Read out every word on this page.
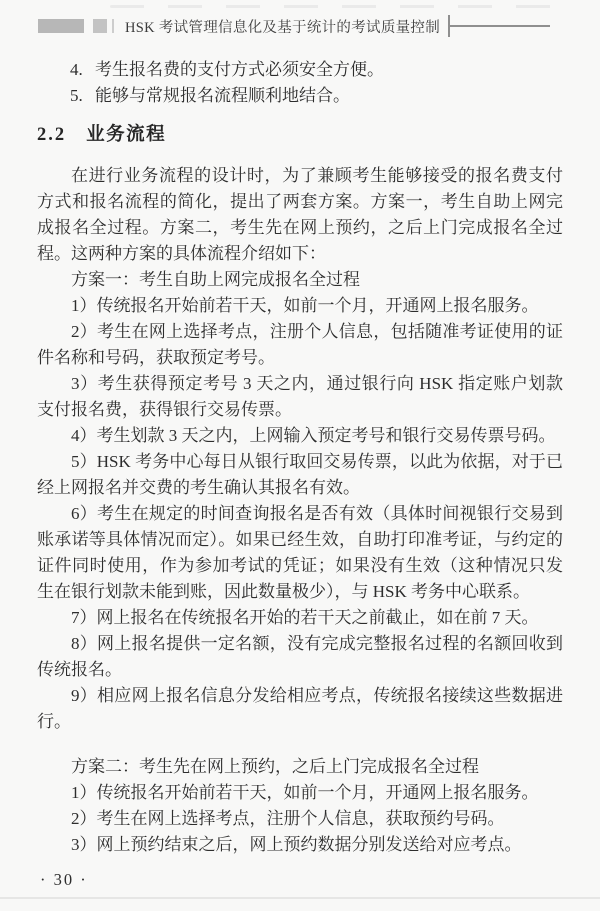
HSK 考试管理信息化及基于统计的考试质量控制

4. 考生报名费的支付方式必须安全方便。

5. 能够与常规报名流程顺利地结合。

2.2 业务流程

在进行业务流程的设计时，为了兼顾考生能够接受的报名费支付方式和报名流程的简化，提出了两套方案。方案一，考生自助上网完成报名全过程。方案二，考生先在网上预约，之后上门完成报名全过程。这两种方案的具体流程介绍如下：

方案一：考生自助上网完成报名全过程

1）传统报名开始前若干天，如前一个月，开通网上报名服务。

2）考生在网上选择考点，注册个人信息，包括随准考证使用的证件名称和号码，获取预定考号。

3）考生获得预定考号 3 天之内，通过银行向 HSK 指定账户划款支付报名费，获得银行交易传票。

4）考生划款 3 天之内，上网输入预定考号和银行交易传票号码。

5）HSK 考务中心每日从银行取回交易传票，以此为依据，对于已经上网报名并交费的考生确认其报名有效。

6）考生在规定的时间查询报名是否有效（具体时间视银行交易到账承诺等具体情况而定）。如果已经生效，自助打印准考证，与约定的证件同时使用，作为参加考试的凭证；如果没有生效（这种情况只发生在银行划款未能到账，因此数量极少），与 HSK 考务中心联系。

7）网上报名在传统报名开始的若干天之前截止，如在前 7 天。

8）网上报名提供一定名额，没有完成完整报名过程的名额回收到传统报名。

9）相应网上报名信息分发给相应考点，传统报名接续这些数据进行。

方案二：考生先在网上预约，之后上门完成报名全过程

1）传统报名开始前若干天，如前一个月，开通网上报名服务。

2）考生在网上选择考点，注册个人信息，获取预约号码。

3）网上预约结束之后，网上预约数据分别发送给对应考点。

· 30 ·
